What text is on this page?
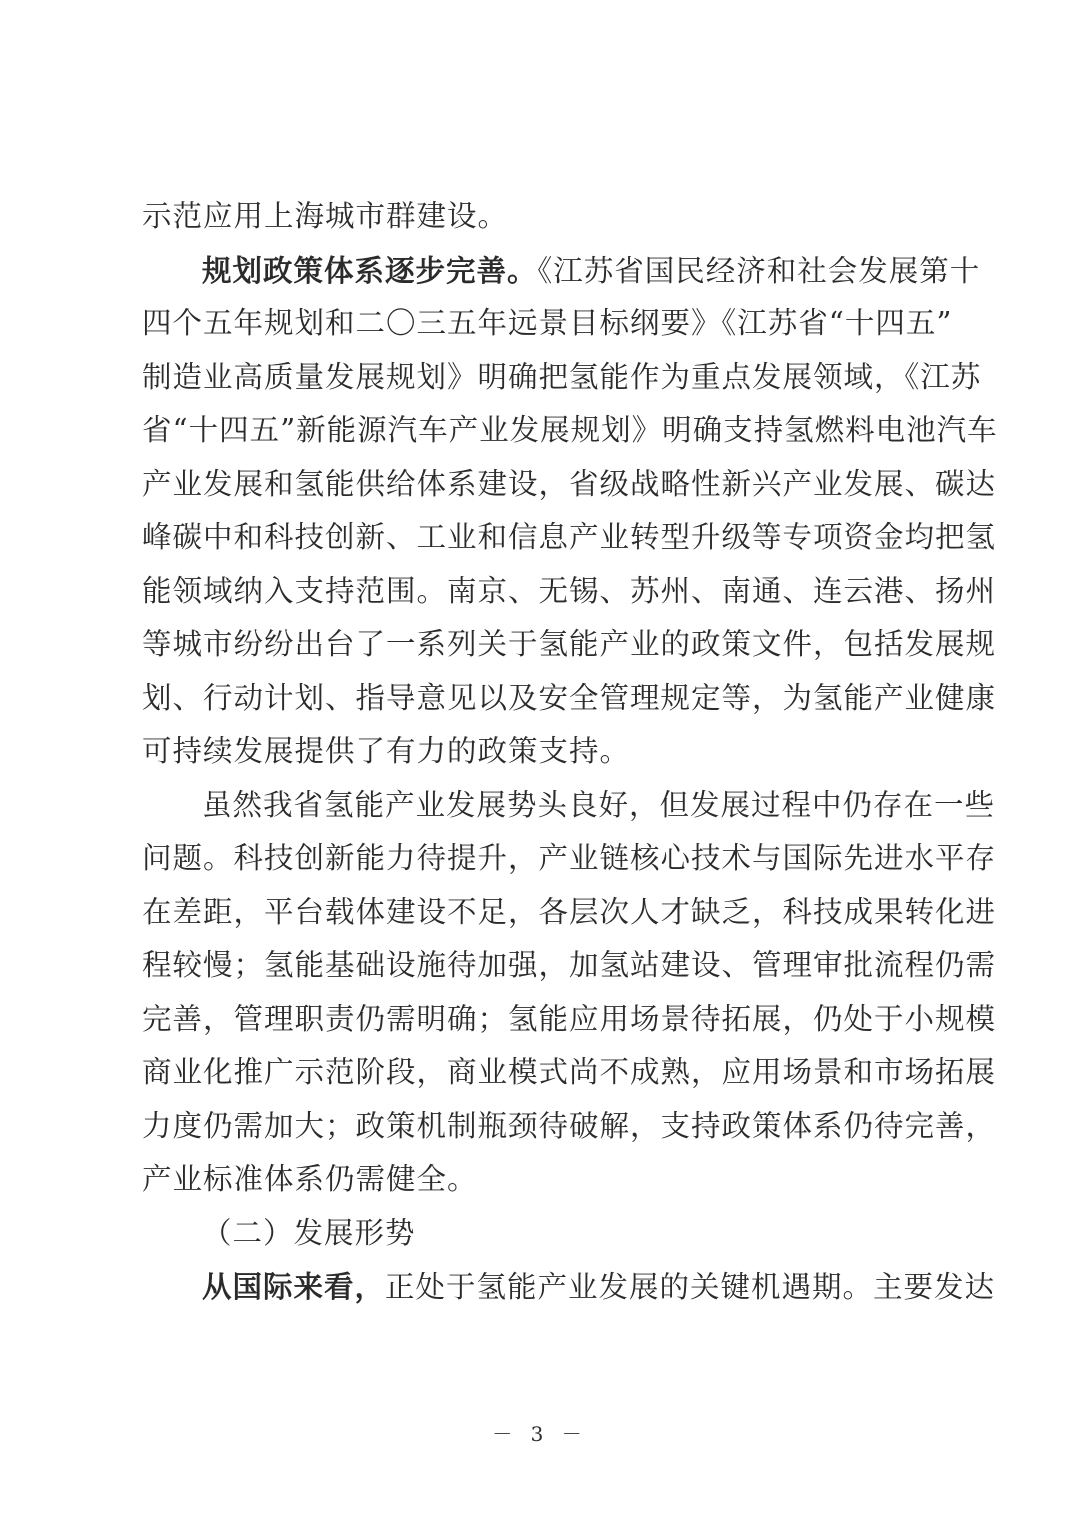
示范应用上海城市群建设。
规划政策体系逐步完善。《江苏省国民经济和社会发展第十
四个五年规划和二〇三五年远景目标纲要》《江苏省“十四五”
制造业高质量发展规划》明确把氢能作为重点发展领域，《江苏
省“十四五”新能源汽车产业发展规划》明确支持氢燃料电池汽车
产业发展和氢能供给体系建设，省级战略性新兴产业发展、碳达
峰碳中和科技创新、工业和信息产业转型升级等专项资金均把氢
能领域纳入支持范围。南京、无锡、苏州、南通、连云港、扬州
等城市纷纷出台了一系列关于氢能产业的政策文件，包括发展规
划、行动计划、指导意见以及安全管理规定等，为氢能产业健康
可持续发展提供了有力的政策支持。
虽然我省氢能产业发展势头良好，但发展过程中仍存在一些
问题。科技创新能力待提升，产业链核心技术与国际先进水平存
在差距，平台载体建设不足，各层次人才缺乏，科技成果转化进
程较慢；氢能基础设施待加强，加氢站建设、管理审批流程仍需
完善，管理职责仍需明确；氢能应用场景待拓展，仍处于小规模
商业化推广示范阶段，商业模式尚不成熟，应用场景和市场拓展
力度仍需加大；政策机制瓶颈待破解，支持政策体系仍待完善，
产业标准体系仍需健全。
（二）发展形势
从国际来看，正处于氢能产业发展的关键机遇期。主要发达
－ 3 －
